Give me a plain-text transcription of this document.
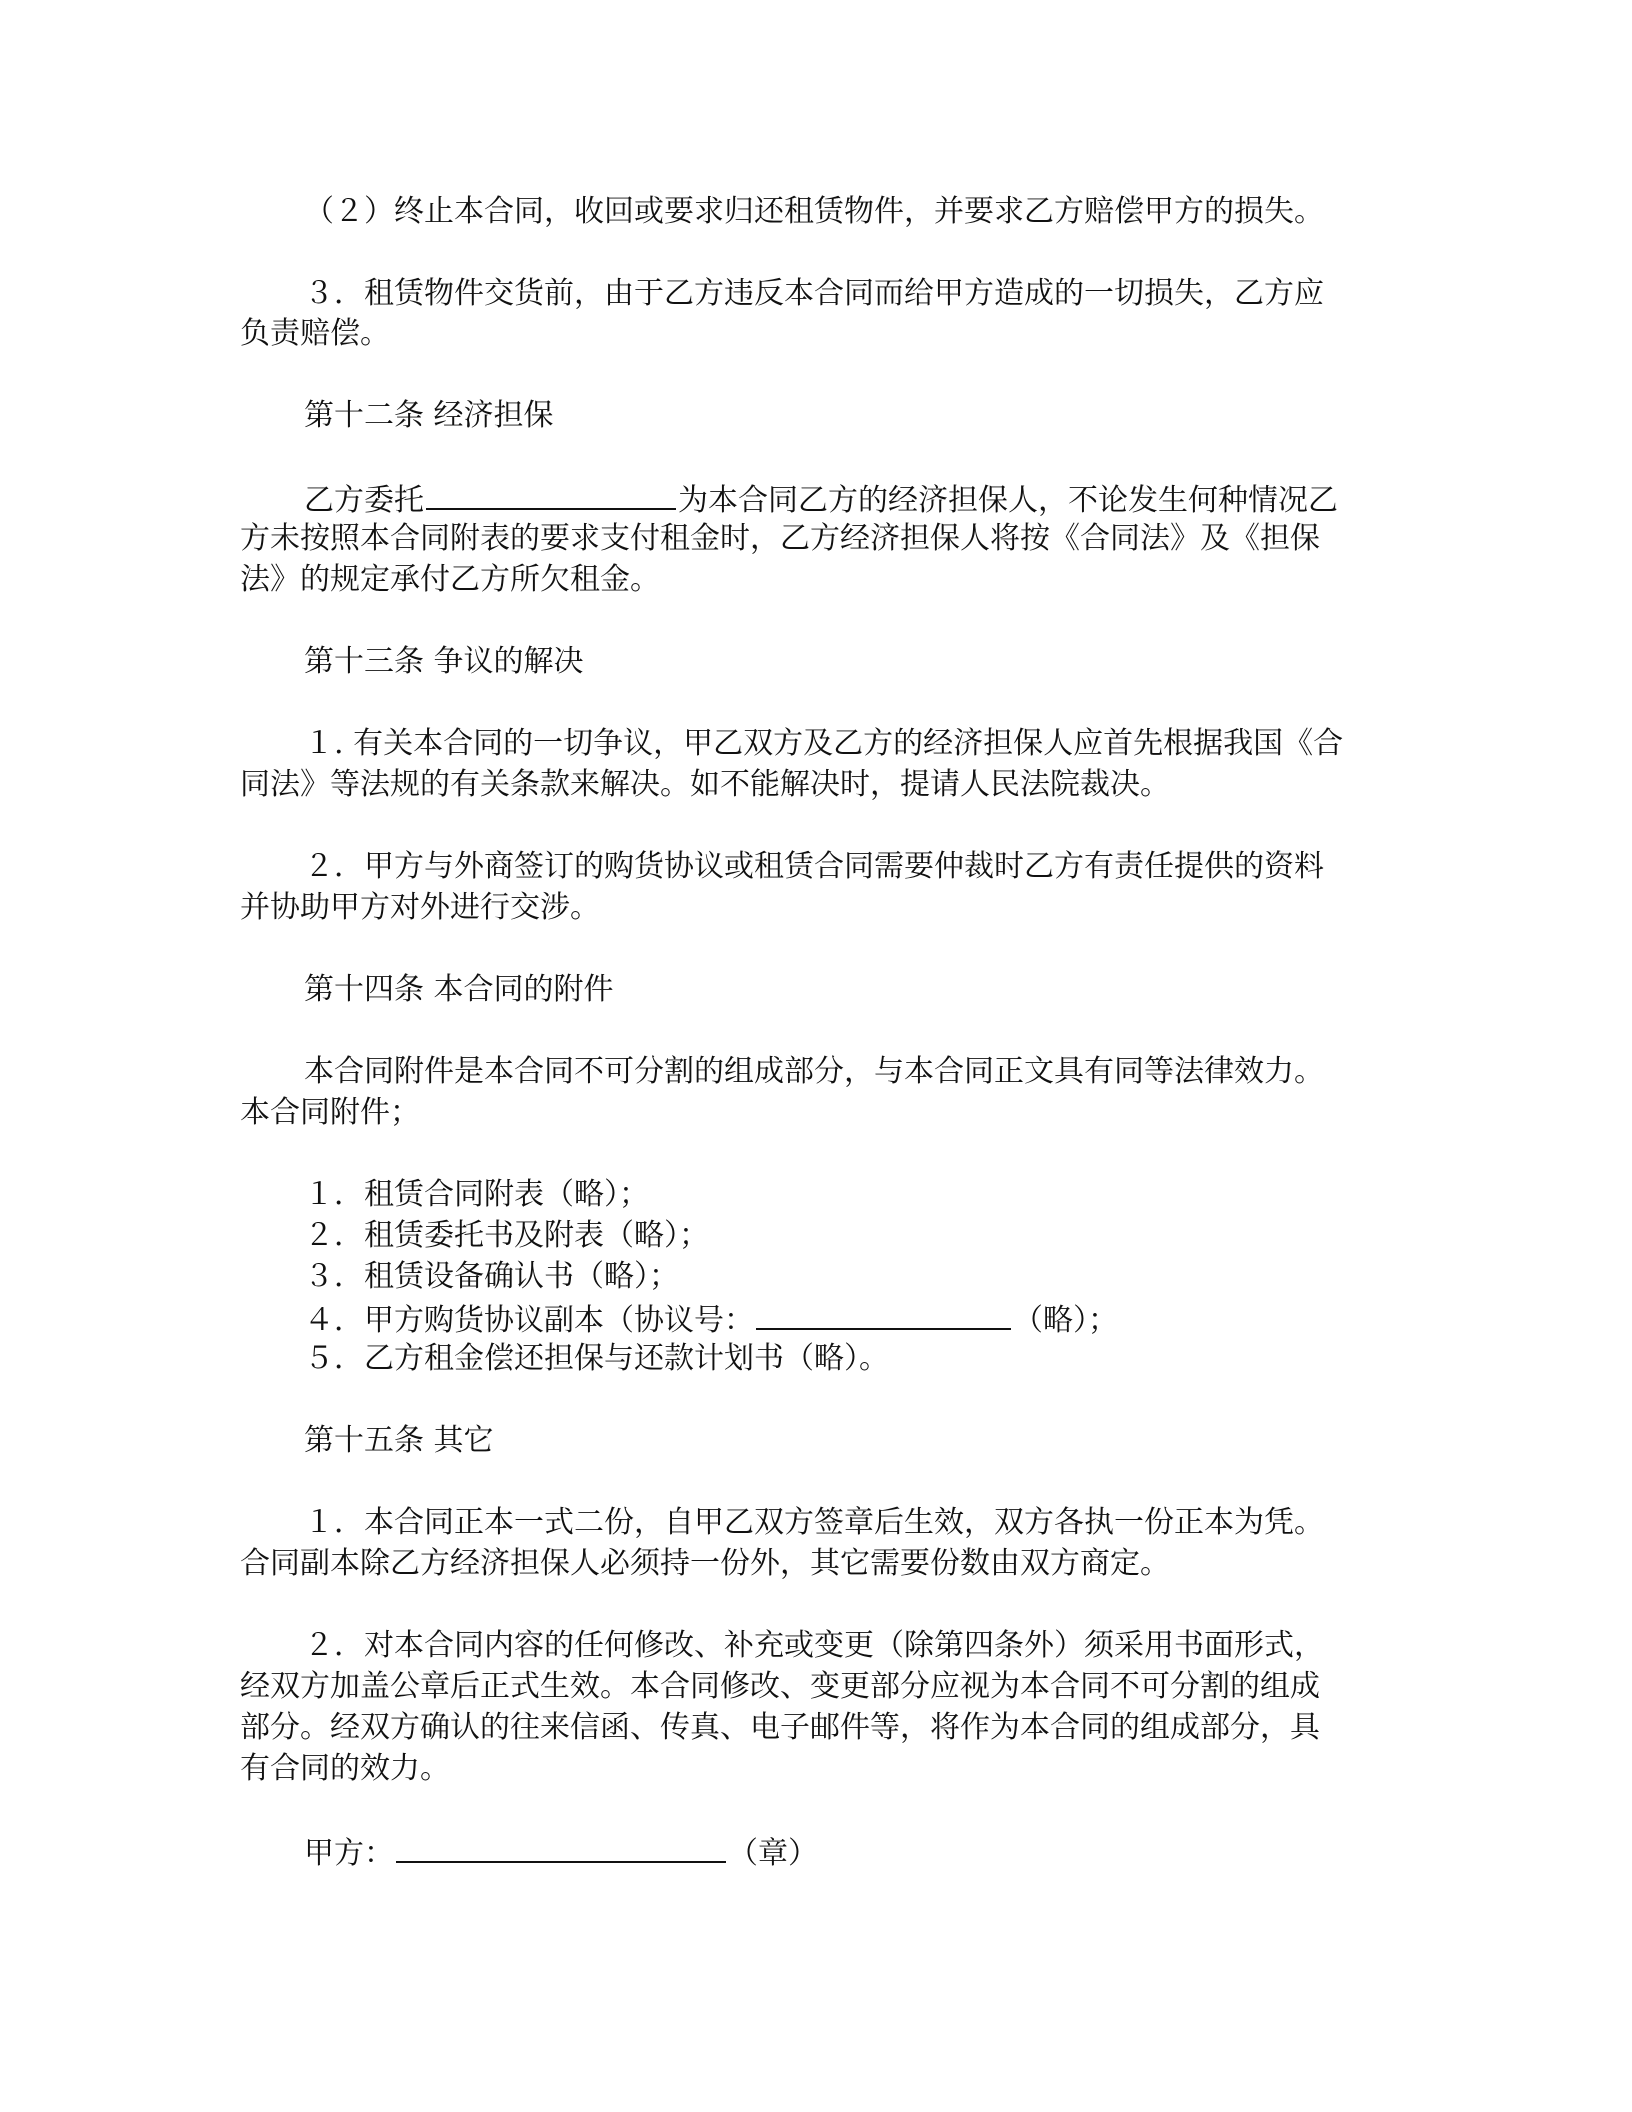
（２）终止本合同，收回或要求归还租赁物件，并要求乙方赔偿甲方的损失。
３．租赁物件交货前，由于乙方违反本合同而给甲方造成的一切损失，乙方应
负责赔偿。
第十二条 经济担保
乙方委托	为本合同乙方的经济担保人，不论发生何种情况乙
方未按照本合同附表的要求支付租金时，乙方经济担保人将按《合同法》及《担保
法》的规定承付乙方所欠租金。
第十三条 争议的解决
１. 有关本合同的一切争议，甲乙双方及乙方的经济担保人应首先根据我国《合
同法》等法规的有关条款来解决。如不能解决时，提请人民法院裁决。
２．甲方与外商签订的购货协议或租赁合同需要仲裁时乙方有责任提供的资料
并协助甲方对外进行交涉。
第十四条 本合同的附件
本合同附件是本合同不可分割的组成部分，与本合同正文具有同等法律效力。
本合同附件；
１．租赁合同附表（略）；
２．租赁委托书及附表（略）；
３．租赁设备确认书（略）；
４．甲方购货协议副本（协议号：	（略）；
５．乙方租金偿还担保与还款计划书（略）。
第十五条 其它
１．本合同正本一式二份，自甲乙双方签章后生效，双方各执一份正本为凭。
合同副本除乙方经济担保人必须持一份外，其它需要份数由双方商定。
２．对本合同内容的任何修改、补充或变更（除第四条外）须采用书面形式，
经双方加盖公章后正式生效。本合同修改、变更部分应视为本合同不可分割的组成
部分。经双方确认的往来信函、传真、电子邮件等，将作为本合同的组成部分，具
有合同的效力。
甲方：	（章）
